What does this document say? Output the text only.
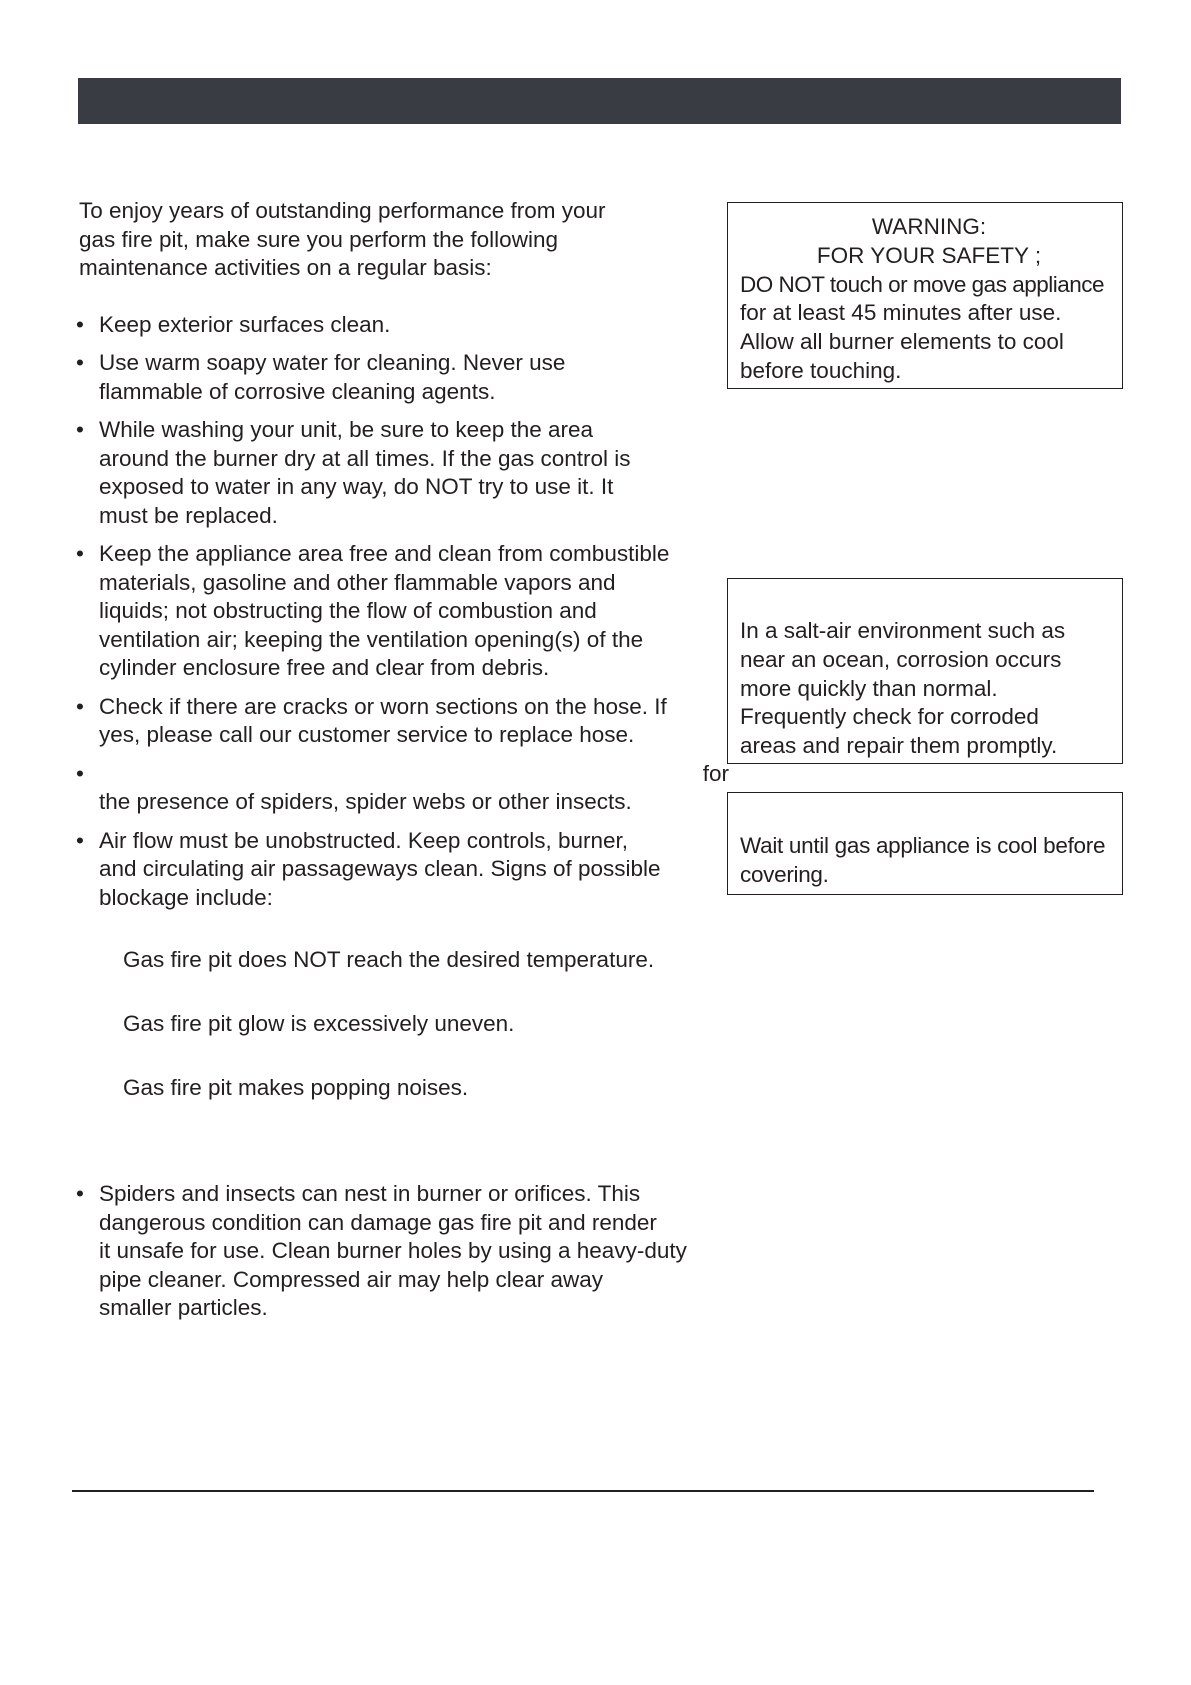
To enjoy years of outstanding performance from your
gas fire pit, make sure you perform the following
maintenance activities on a regular basis:

• Keep exterior surfaces clean.
• Use warm soapy water for cleaning. Never use
flammable of corrosive cleaning agents.
• While washing your unit, be sure to keep the area
around the burner dry at all times. If the gas control is
exposed to water in any way, do NOT try to use it. It
must be replaced.
• Keep the appliance area free and clean from combustible
materials, gasoline and other flammable vapors and
liquids; not obstructing the flow of combustion and
ventilation air; keeping the ventilation opening(s) of the
cylinder enclosure free and clear from debris.
• Check if there are cracks or worn sections on the hose. If
yes, please call our customer service to replace hose.
•	for
the presence of spiders, spider webs or other insects.
• Air flow must be unobstructed. Keep controls, burner,
and circulating air passageways clean. Signs of possible
blockage include:

Gas fire pit does NOT reach the desired temperature.

Gas fire pit glow is excessively uneven.

Gas fire pit makes popping noises.

• Spiders and insects can nest in burner or orifices. This
dangerous condition can damage gas fire pit and render
it unsafe for use. Clean burner holes by using a heavy-duty
pipe cleaner. Compressed air may help clear away
smaller particles.
WARNING:
FOR YOUR SAFETY ;
DO NOT touch or move gas appliance
for at least 45 minutes after use.
Allow all burner elements to cool
before touching.
In a salt-air environment such as
near an ocean, corrosion occurs
more quickly than normal.
Frequently check for corroded
areas and repair them promptly.
Wait until gas appliance is cool before
covering.
